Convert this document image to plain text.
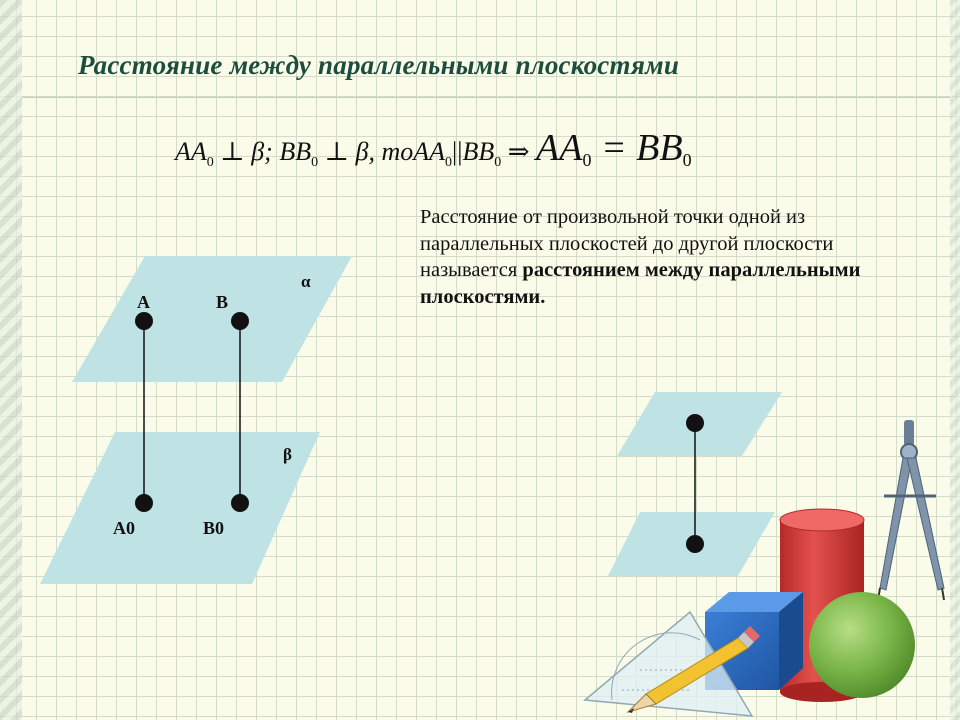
Расстояние между параллельными плоскостями
$AA_0$ ⊥ β; $BB_0$ ⊥ β, $тоAA_0||BB_0$ ⇒ AA0 = BB0
Расстояние от произвольной точки одной из параллельных плоскостей до другой плоскости называется расстоянием между параллельными плоскостями.
A	B
A0	B0
α
β
